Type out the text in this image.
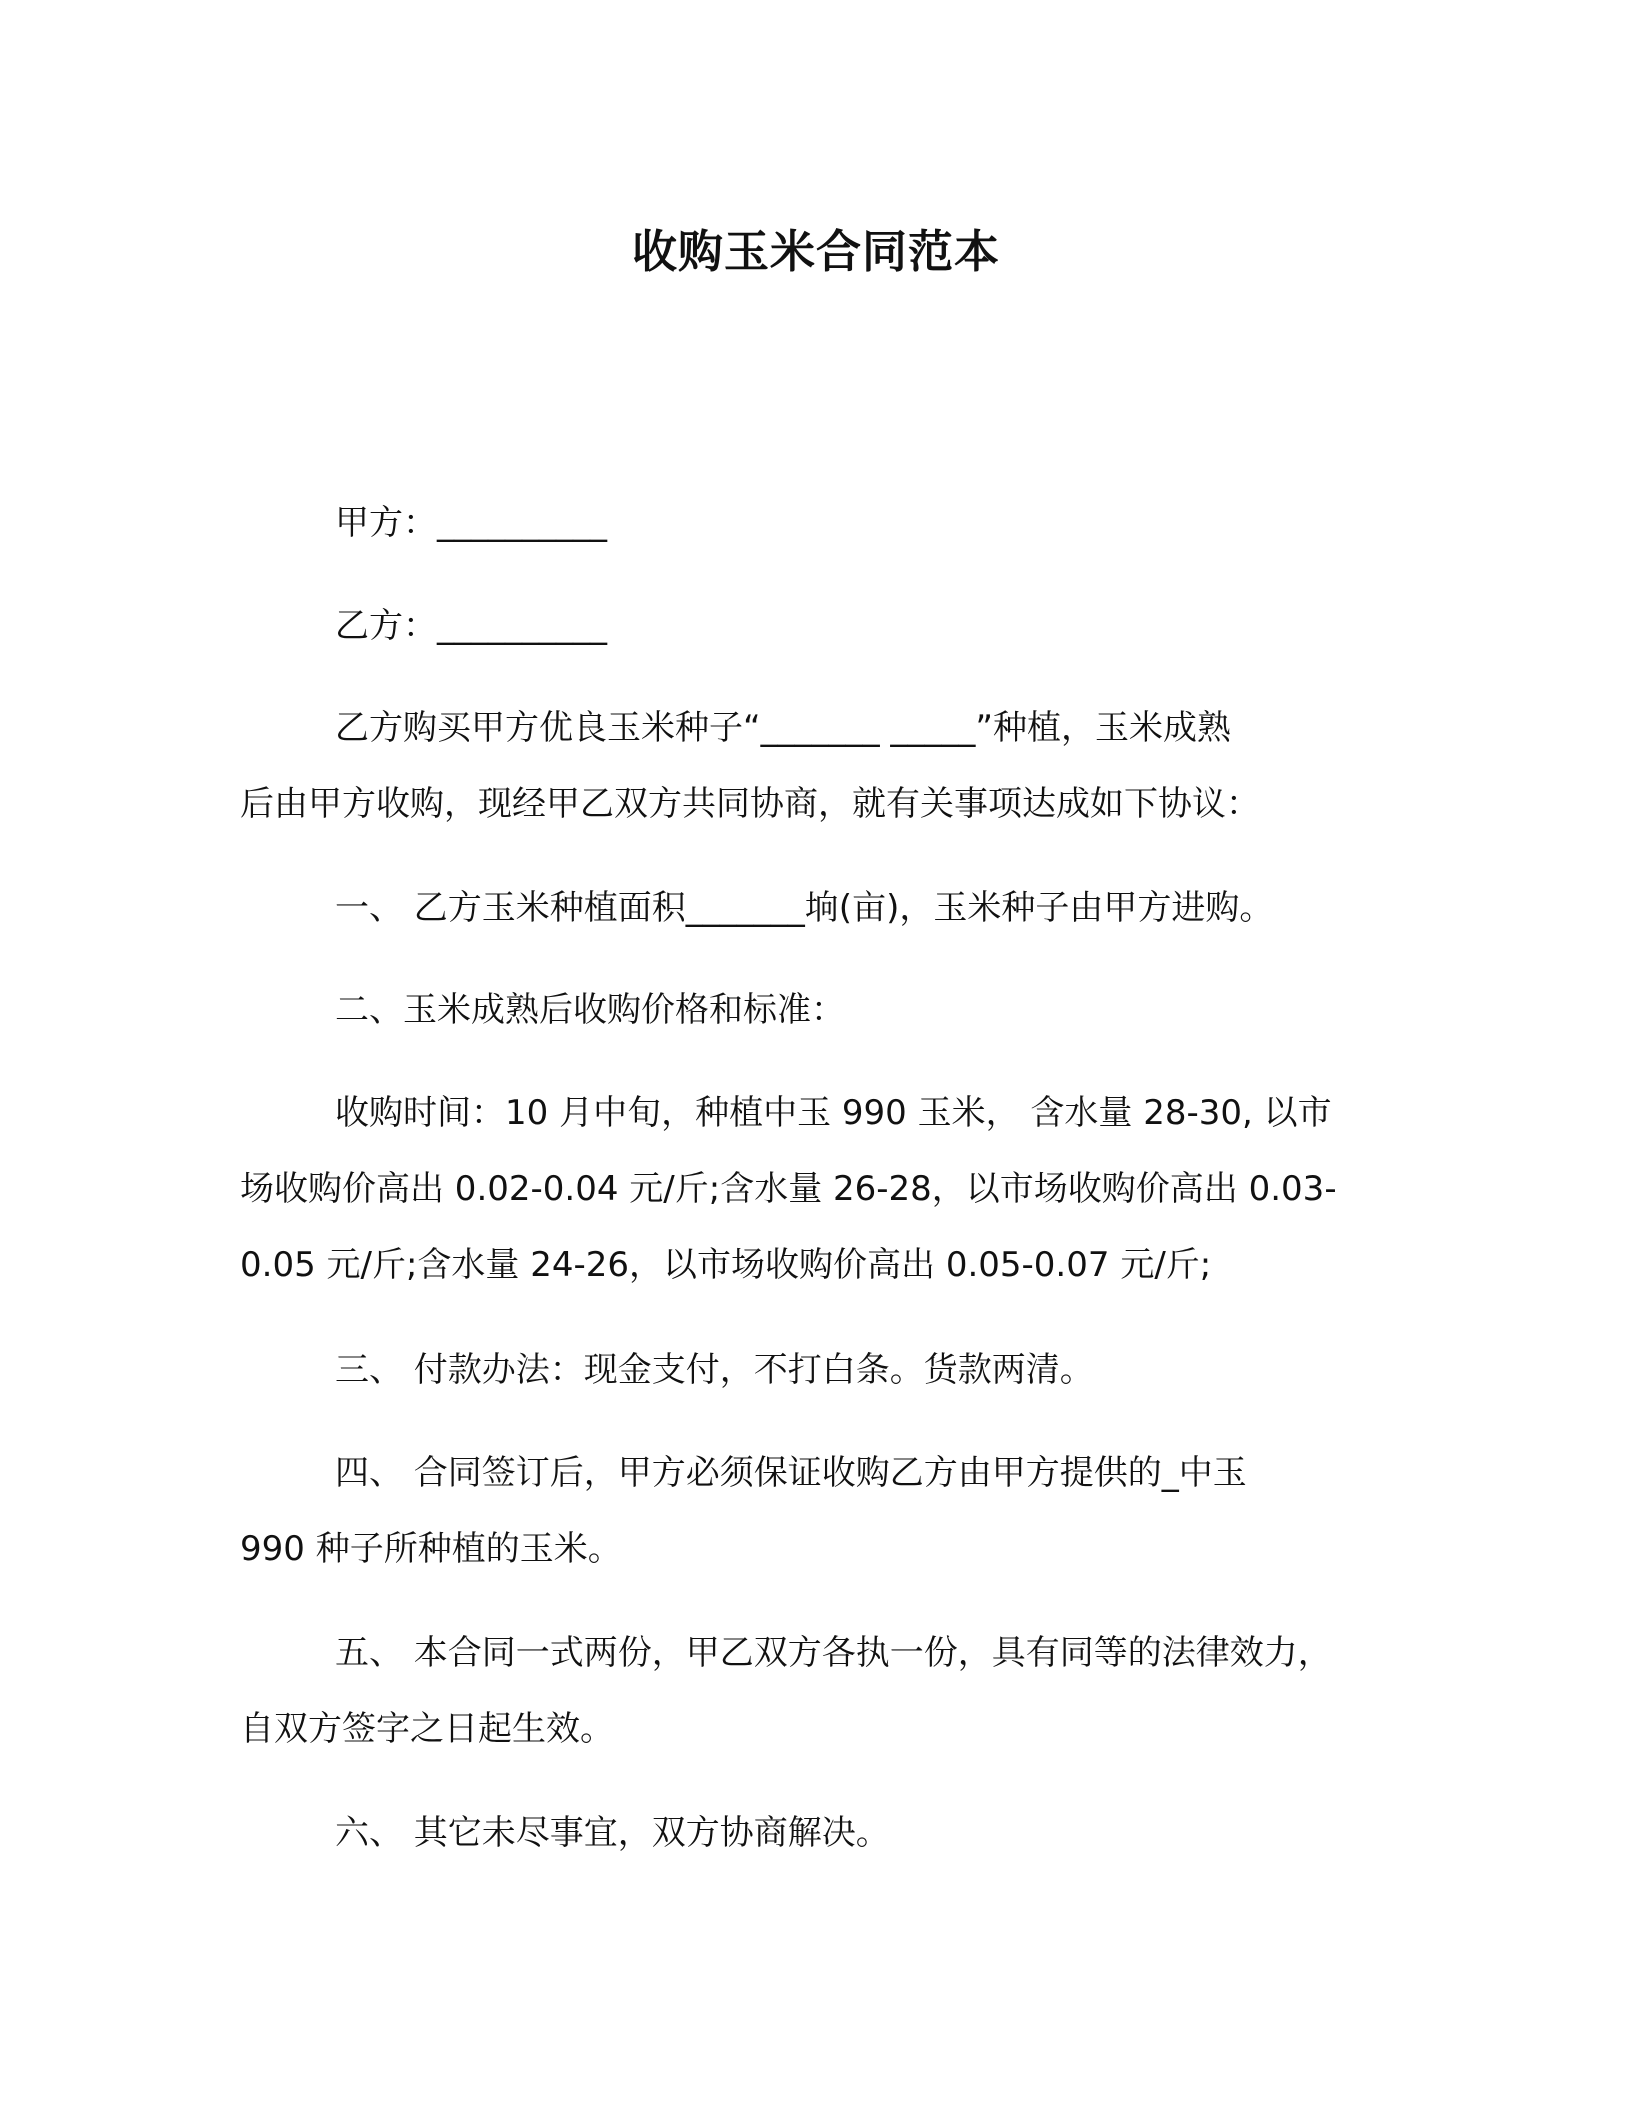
收购玉米合同范本
甲方：__________
乙方：__________
乙方购买甲方优良玉米种子“_______ _____”种植，玉米成熟
后由甲方收购，现经甲乙双方共同协商，就有关事项达成如下协议：
一、 乙方玉米种植面积_______垧(亩)，玉米种子由甲方进购。
二、玉米成熟后收购价格和标准：
收购时间：10 月中旬，种植中玉 990 玉米， 含水量 28-30, 以市
场收购价高出 0.02-0.04 元/斤;含水量 26-28，以市场收购价高出 0.03-
0.05 元/斤;含水量 24-26，以市场收购价高出 0.05-0.07 元/斤;
三、 付款办法：现金支付，不打白条。货款两清。
四、 合同签订后，甲方必须保证收购乙方由甲方提供的_中玉
990 种子所种植的玉米。
五、 本合同一式两份，甲乙双方各执一份，具有同等的法律效力，
自双方签字之日起生效。
六、 其它未尽事宜，双方协商解决。
